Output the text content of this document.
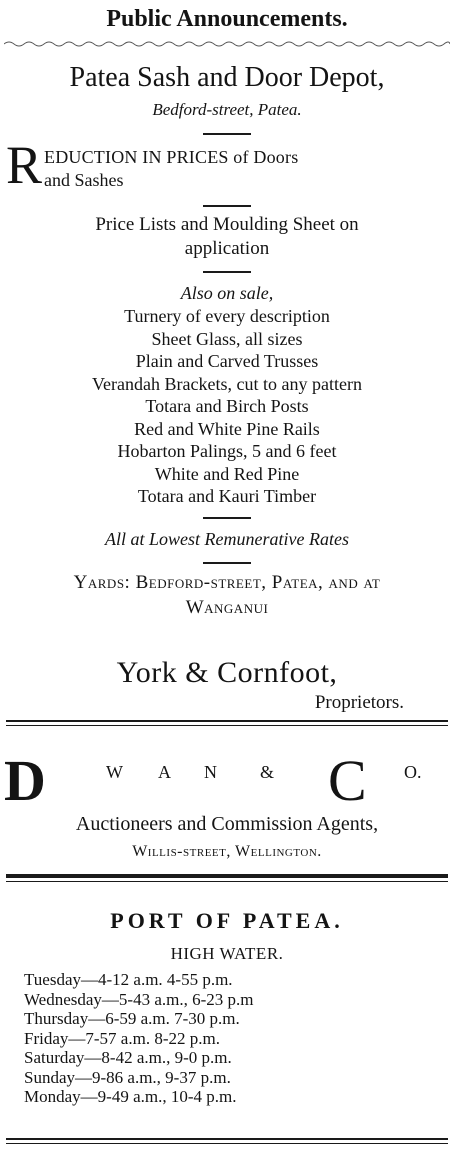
Public Announcements.
Patea Sash and Door Depot,
Bedford-street, Patea.
R EDUCTION IN PRICES of Doors
and Sashes
Price Lists and Moulding Sheet on
application
Also on sale,
Turnery of every description
Sheet Glass, all sizes
Plain and Carved Trusses
Verandah Brackets, cut to any pattern
Totara and Birch Posts
Red and White Pine Rails
Hobarton Palings, 5 and 6 feet
White and Red Pine
Totara and Kauri Timber
All at Lowest Remunerative Rates
Yards: Bedford-street, Patea, and at
Wanganui
York & Cornfoot,
Proprietors.
D	W A N & C O.
Auctioneers and Commission Agents,
Willis-street, Wellington.
PORT OF PATEA.
HIGH WATER.
Tuesday—4-12 a.m. 4-55 p.m.
Wednesday—5-43 a.m., 6-23 p.m
Thursday—6-59 a.m. 7-30 p.m.
Friday—7-57 a.m. 8-22 p.m.
Saturday—8-42 a.m., 9-0 p.m.
Sunday—9-86 a.m., 9-37 p.m.
Monday—9-49 a.m., 10-4 p.m.
